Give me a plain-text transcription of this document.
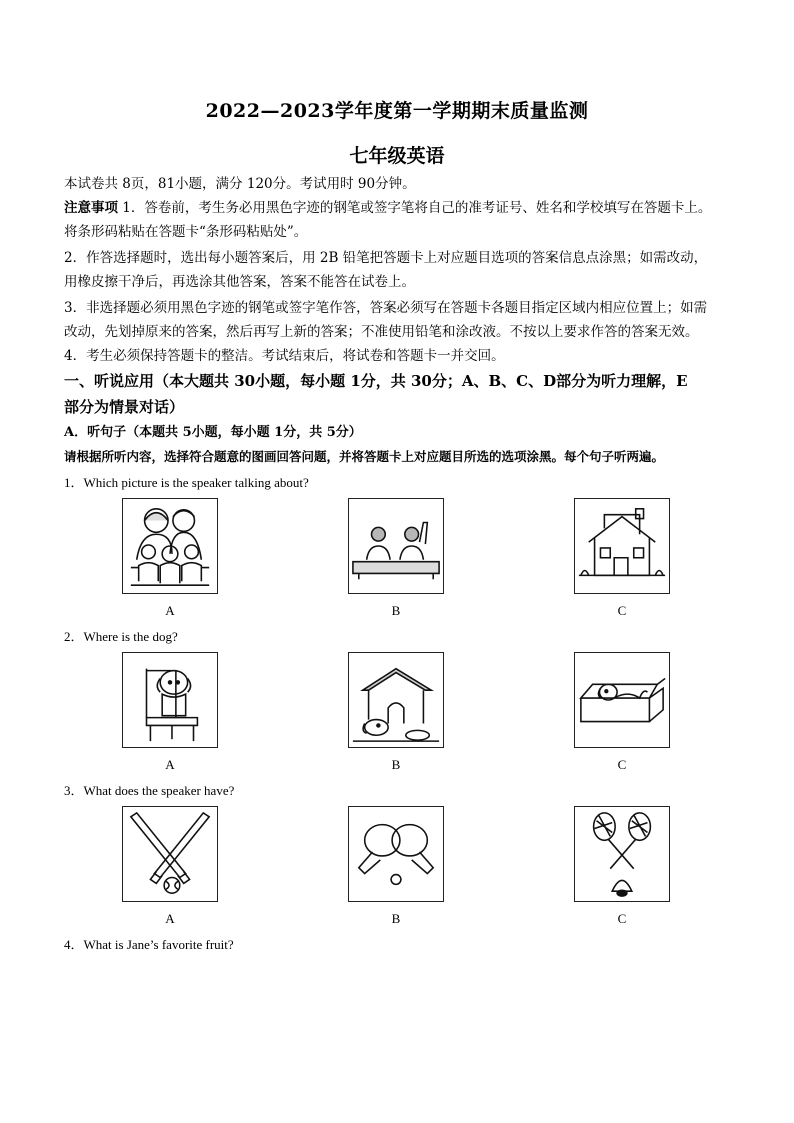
2022—2023学年度第一学期期末质量监测
七年级英语
本试卷共 8页，81小题，满分 120分。考试用时 90分钟。
注意事项 1．答卷前，考生务必用黑色字迹的钢笔或签字笔将自己的准考证号、姓名和学校填写在答题卡上。
将条形码粘贴在答题卡“条形码粘贴处”。
2．作答选择题时，选出每小题答案后，用 2B 铅笔把答题卡上对应题目选项的答案信息点涂黑；如需改动，
用橡皮擦干净后，再选涂其他答案，答案不能答在试卷上。
3．非选择题必须用黑色字迹的钢笔或签字笔作答，答案必须写在答题卡各题目指定区域内相应位置上；如需
改动，先划掉原来的答案，然后再写上新的答案；不准使用铅笔和涂改液。不按以上要求作答的答案无效。
4．考生必须保持答题卡的整洁。考试结束后，将试卷和答题卡一并交回。
一、听说应用（本大题共 30小题，每小题 1分，共 30分；A、B、C、D部分为听力理解，E
部分为情景对话）
A．听句子（本题共 5小题，每小题 1分，共 5分）
请根据所听内容，选择符合题意的图画回答问题，并将答题卡上对应题目所选的选项涂黑。每个句子听两遍。
1．Which picture is the speaker talking about?
A	B	C
2．Where is the dog?
A	B	C
3．What does the speaker have?
A	B	C
4．What is Jane’s favorite fruit?
